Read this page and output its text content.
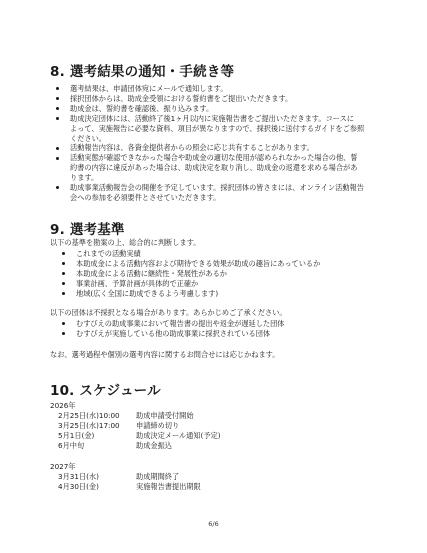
8. 選考結果の通知・手続き等
選考結果は、申請団体宛にメールで通知します。
採択団体からは、助成金受領における誓約書をご提出いただきます。
助成金は、誓約書を確認後、振り込みます。
助成決定団体には、活動終了後1ヶ月以内に実施報告書をご提出いただきます。コースに
よって、実施報告に必要な資料、項目が異なりますので、採択後に送付するガイドをご参照
ください。
活動報告内容は、各資金提供者からの照会に応じ共有することがあります。
活動実態が確認できなかった場合や助成金の適切な使用が認められなかった場合の他、誓
約書の内容に違反があった場合は、助成決定を取り消し、助成金の返還を求める場合があ
ります。
助成事業活動報告会の開催を予定しています。採択団体の皆さまには、オンライン活動報告
会への参加を必須要件とさせていただきます。
9. 選考基準

以下の基準を勘案の上、総合的に判断します。

これまでの活動実績
本助成金による活動内容および期待できる効果が助成の趣旨にあっているか
本助成金による活動に継続性・発展性があるか
事業計画、予算計画が具体的で正確か
地域(広く全国に助成できるよう考慮します)

以下の団体は不採択となる場合があります。あらかじめご了承ください。

むすびえの助成事業において報告書の提出や返金が遅延した団体
むすびえが実施している他の助成事業に採択されている団体

なお、選考過程や個別の選考内容に関するお問合せには応じかねます。

10. スケジュール
2026年
2月25日(水)10:00	助成申請受付開始
3月25日(水)17:00	申請締め切り
5月1日(金)	助成決定メール通知(予定)
6月中旬	助成金振込
2027年
3月31日(水)	助成期間終了
4月30日(金)	実施報告書提出期限
6/6
